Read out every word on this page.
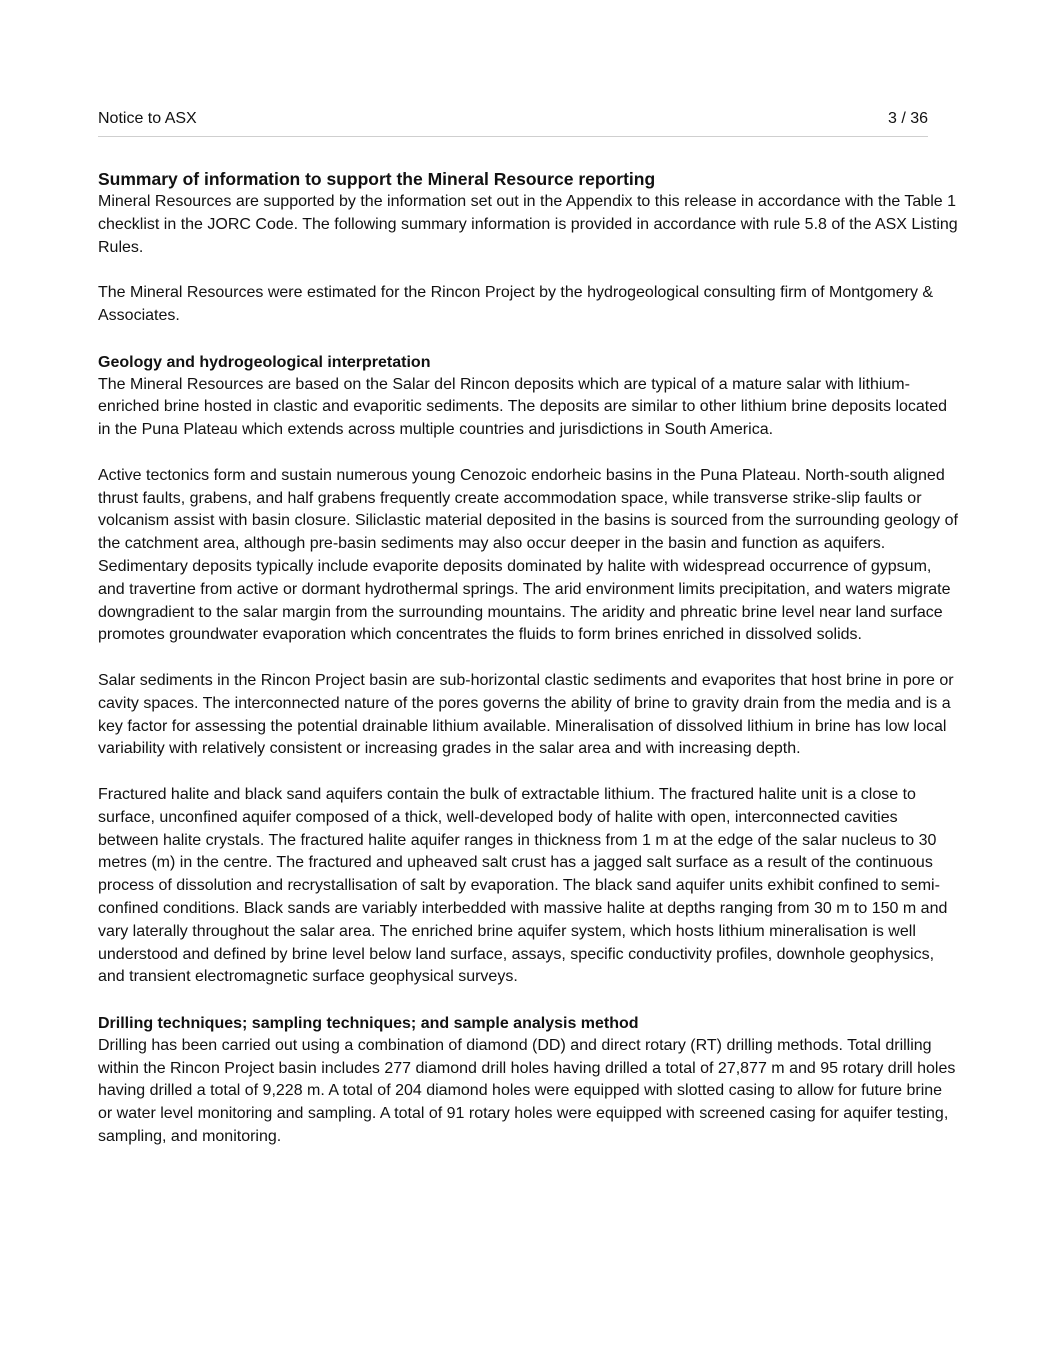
Notice to ASX	3 / 36
Summary of information to support the Mineral Resource reporting

Mineral Resources are supported by the information set out in the Appendix to this release in accordance with the Table 1 checklist in the JORC Code. The following summary information is provided in accordance with rule 5.8 of the ASX Listing Rules.

The Mineral Resources were estimated for the Rincon Project by the hydrogeological consulting firm of Montgomery & Associates.

Geology and hydrogeological interpretation

The Mineral Resources are based on the Salar del Rincon deposits which are typical of a mature salar with lithium-enriched brine hosted in clastic and evaporitic sediments. The deposits are similar to other lithium brine deposits located in the Puna Plateau which extends across multiple countries and jurisdictions in South America.

Active tectonics form and sustain numerous young Cenozoic endorheic basins in the Puna Plateau. North-south aligned thrust faults, grabens, and half grabens frequently create accommodation space, while transverse strike-slip faults or volcanism assist with basin closure. Siliclastic material deposited in the basins is sourced from the surrounding geology of the catchment area, although pre-basin sediments may also occur deeper in the basin and function as aquifers. Sedimentary deposits typically include evaporite deposits dominated by halite with widespread occurrence of gypsum, and travertine from active or dormant hydrothermal springs. The arid environment limits precipitation, and waters migrate downgradient to the salar margin from the surrounding mountains. The aridity and phreatic brine level near land surface promotes groundwater evaporation which concentrates the fluids to form brines enriched in dissolved solids.

Salar sediments in the Rincon Project basin are sub-horizontal clastic sediments and evaporites that host brine in pore or cavity spaces. The interconnected nature of the pores governs the ability of brine to gravity drain from the media and is a key factor for assessing the potential drainable lithium available. Mineralisation of dissolved lithium in brine has low local variability with relatively consistent or increasing grades in the salar area and with increasing depth.

Fractured halite and black sand aquifers contain the bulk of extractable lithium. The fractured halite unit is a close to surface, unconfined aquifer composed of a thick, well-developed body of halite with open, interconnected cavities between halite crystals. The fractured halite aquifer ranges in thickness from 1 m at the edge of the salar nucleus to 30 metres (m) in the centre. The fractured and upheaved salt crust has a jagged salt surface as a result of the continuous process of dissolution and recrystallisation of salt by evaporation. The black sand aquifer units exhibit confined to semi-confined conditions. Black sands are variably interbedded with massive halite at depths ranging from 30 m to 150 m and vary laterally throughout the salar area. The enriched brine aquifer system, which hosts lithium mineralisation is well understood and defined by brine level below land surface, assays, specific conductivity profiles, downhole geophysics, and transient electromagnetic surface geophysical surveys.

Drilling techniques; sampling techniques; and sample analysis method

Drilling has been carried out using a combination of diamond (DD) and direct rotary (RT) drilling methods. Total drilling within the Rincon Project basin includes 277 diamond drill holes having drilled a total of 27,877 m and 95 rotary drill holes having drilled a total of 9,228 m. A total of 204 diamond holes were equipped with slotted casing to allow for future brine or water level monitoring and sampling. A total of 91 rotary holes were equipped with screened casing for aquifer testing, sampling, and monitoring.
